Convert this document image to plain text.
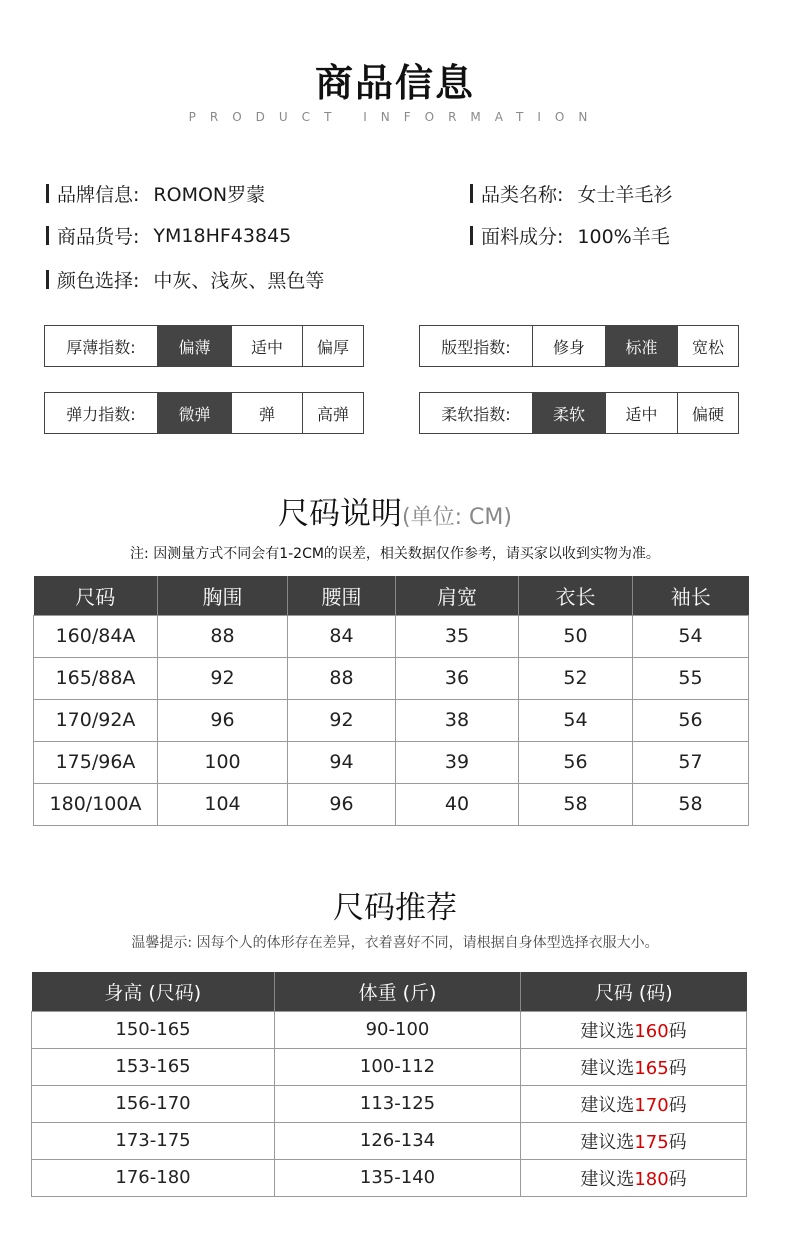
商品信息
PRODUCT INFORMATION
品牌信息: ROMON罗蒙	品类名称: 女士羊毛衫
商品货号: YM18HF43845	面料成分: 100%羊毛
颜色选择: 中灰、浅灰、黑色等
厚薄指数:	偏薄	适中	偏厚	版型指数:	修身	标准	宽松
弹力指数:	微弹	弹	高弹	柔软指数:	柔软	适中	偏硬
尺码说明(单位: CM)
注: 因测量方式不同会有1-2CM的误差，相关数据仅作参考，请买家以收到实物为准。
尺码	胸围	腰围	肩宽	衣长	袖长
160/84A	88	84	35	50	54
165/88A	92	88	36	52	55
170/92A	96	92	38	54	56
175/96A	100	94	39	56	57
180/100A	104	96	40	58	58
尺码推荐
温馨提示: 因每个人的体形存在差异，衣着喜好不同，请根据自身体型选择衣服大小。
身高 (尺码)	体重 (斤)	尺码 (码)
150-165	90-100	建议选160码
153-165	100-112	建议选165码
156-170	113-125	建议选170码
173-175	126-134	建议选175码
176-180	135-140	建议选180码
